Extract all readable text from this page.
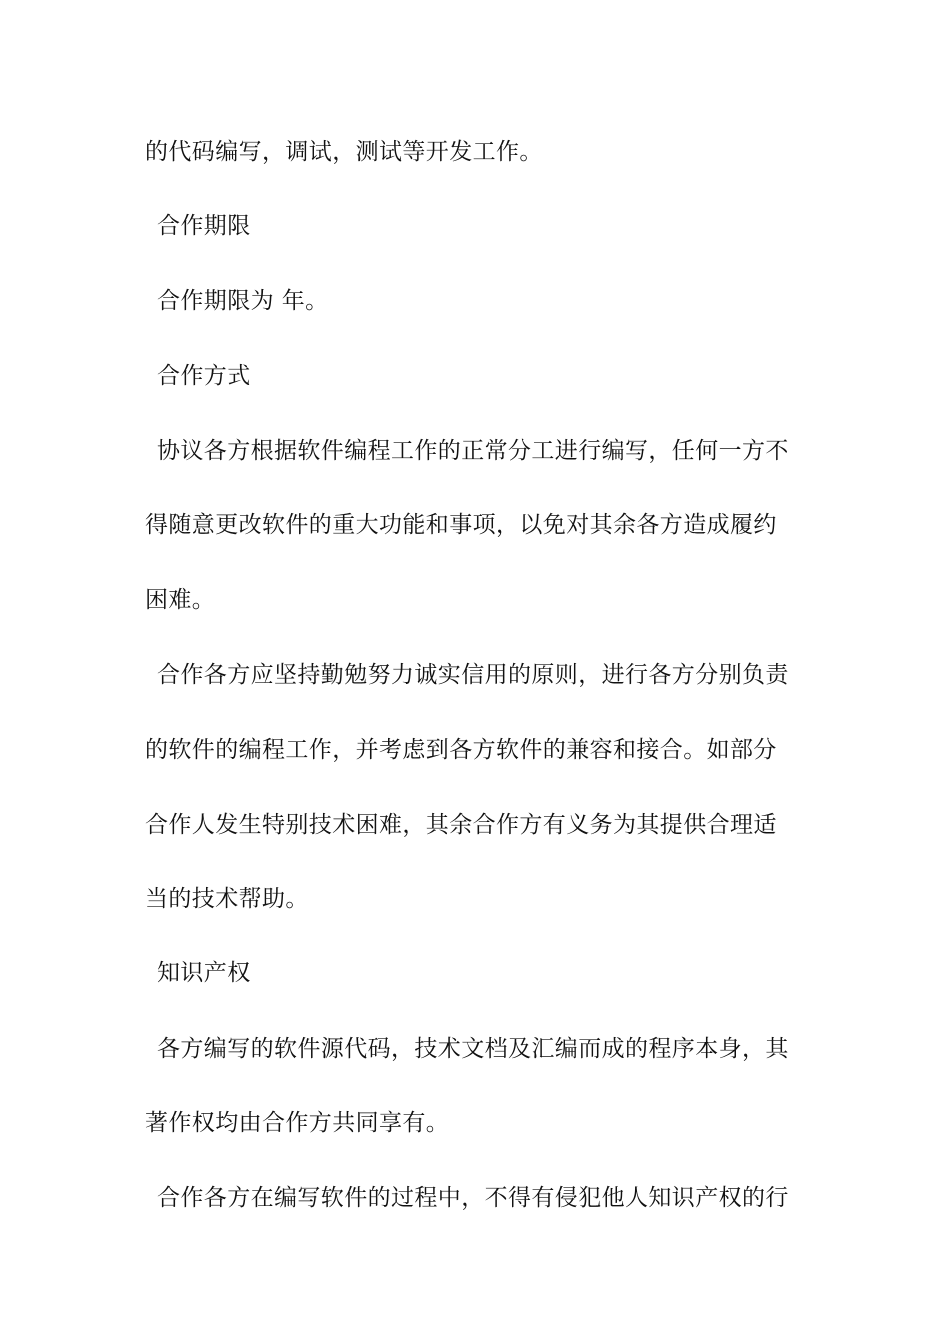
的代码编写，调试，测试等开发工作。
合作期限
合作期限为 年。
合作方式
协议各方根据软件编程工作的正常分工进行编写，任何一方不
得随意更改软件的重大功能和事项，以免对其余各方造成履约
困难。
合作各方应坚持勤勉努力诚实信用的原则，进行各方分别负责
的软件的编程工作，并考虑到各方软件的兼容和接合。如部分
合作人发生特别技术困难，其余合作方有义务为其提供合理适
当的技术帮助。
知识产权
各方编写的软件源代码，技术文档及汇编而成的程序本身，其
著作权均由合作方共同享有。
合作各方在编写软件的过程中，不得有侵犯他人知识产权的行
